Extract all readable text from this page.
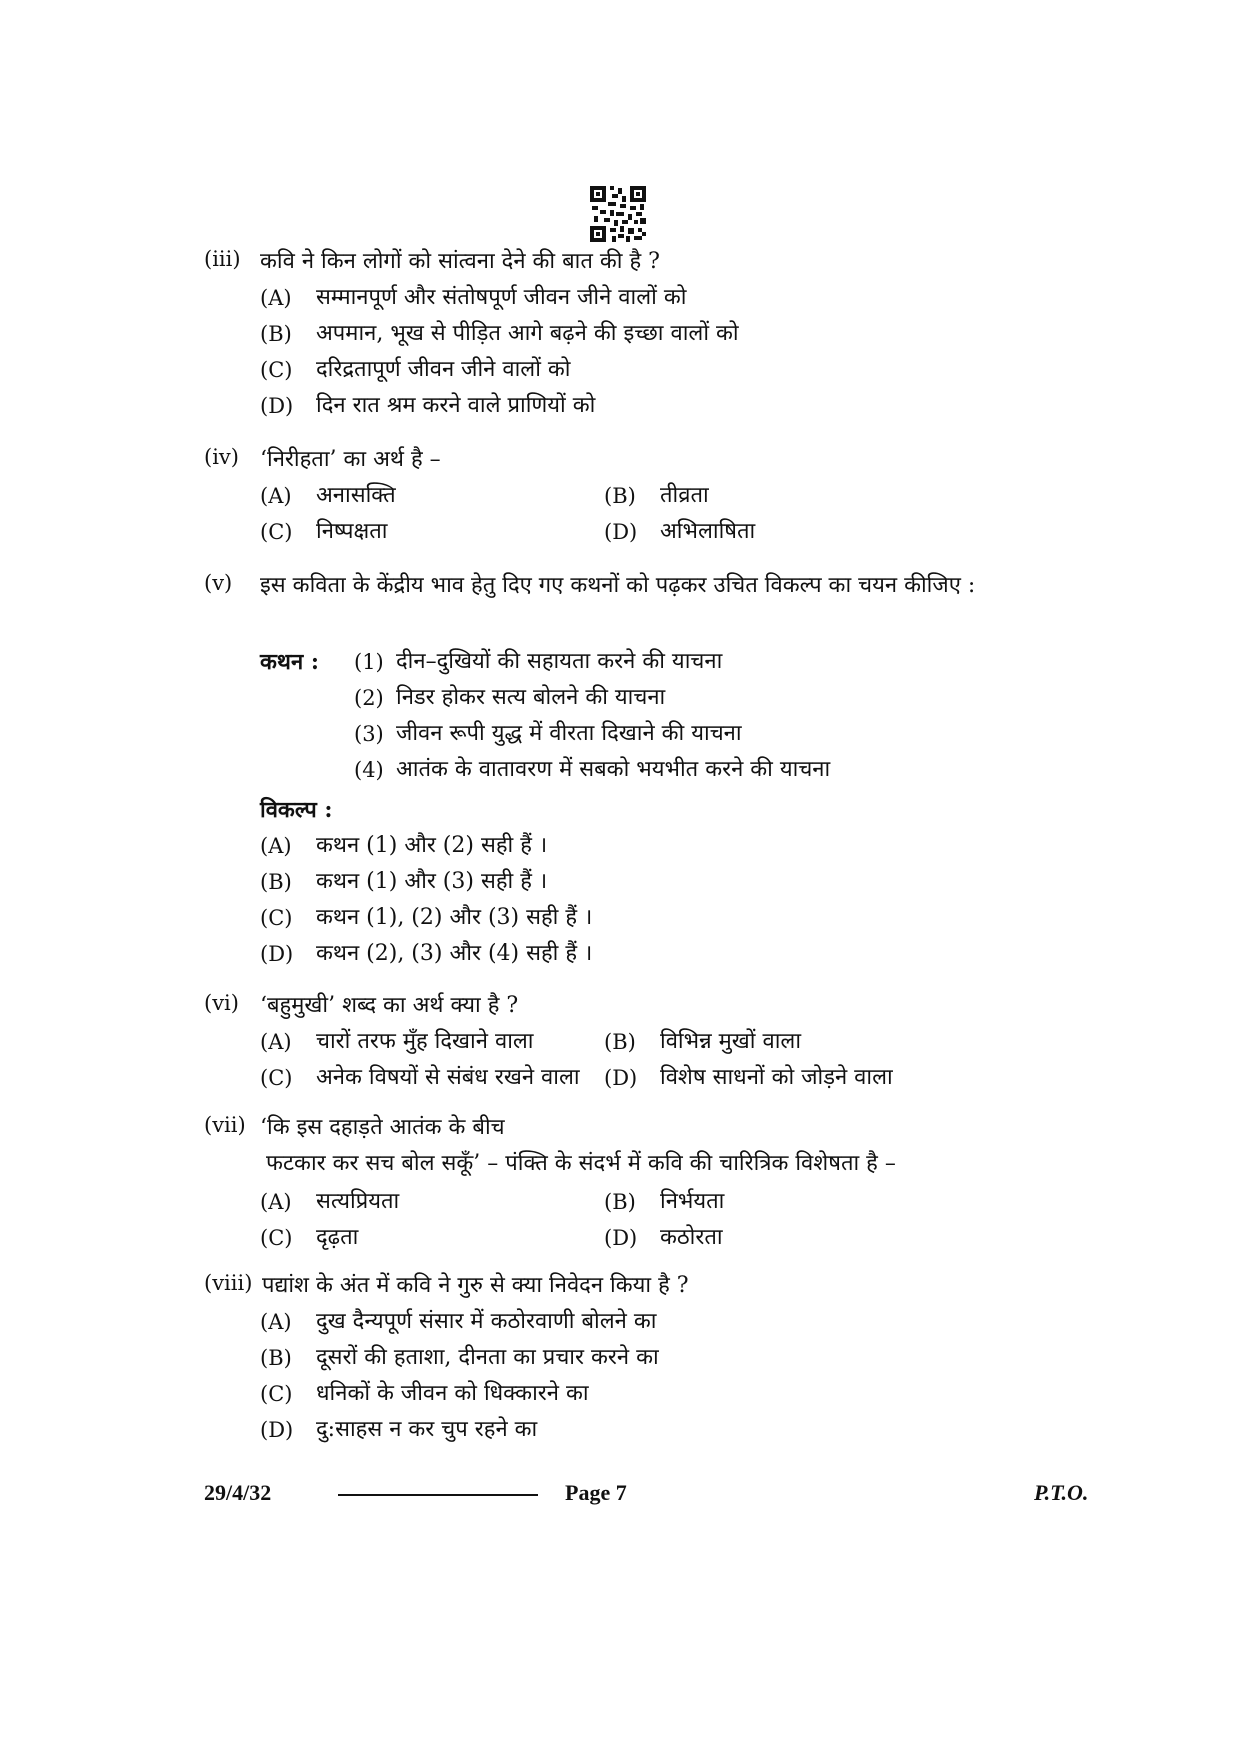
(iii) कवि ने किन लोगों को सांत्वना देने की बात की है ?
(A) सम्मानपूर्ण और संतोषपूर्ण जीवन जीने वालों को
(B) अपमान, भूख से पीड़ित आगे बढ़ने की इच्छा वालों को
(C) दरिद्रतापूर्ण जीवन जीने वालों को
(D) दिन रात श्रम करने वाले प्राणियों को
(iv) ‘निरीहता’ का अर्थ है –
(A) अनासक्ति	(B) तीव्रता
(C) निष्पक्षता	(D) अभिलाषिता
(v) इस कविता के केंद्रीय भाव हेतु दिए गए कथनों को पढ़कर उचित विकल्प का चयन कीजिए :
कथन : (1) दीन–दुखियों की सहायता करने की याचना
(2) निडर होकर सत्य बोलने की याचना
(3) जीवन रूपी युद्ध में वीरता दिखाने की याचना
(4) आतंक के वातावरण में सबको भयभीत करने की याचना
विकल्प :
(A) कथन (1) और (2) सही हैं ।
(B) कथन (1) और (3) सही हैं ।
(C) कथन (1), (2) और (3) सही हैं ।
(D) कथन (2), (3) और (4) सही हैं ।
(vi) ‘बहुमुखी’ शब्द का अर्थ क्या है ?
(A) चारों तरफ मुँह दिखाने वाला	(B) विभिन्न मुखों वाला
(C) अनेक विषयों से संबंध रखने वाला (D) विशेष साधनों को जोड़ने वाला
(vii) ‘कि इस दहाड़ते आतंक के बीच
फटकार कर सच बोल सकूँ’ – पंक्ति के संदर्भ में कवि की चारित्रिक विशेषता है –
(A) सत्यप्रियता	(B) निर्भयता
(C) दृढ़ता	(D) कठोरता
(viii) पद्यांश के अंत में कवि ने गुरु से क्या निवेदन किया है ?
(A) दुख दैन्यपूर्ण संसार में कठोरवाणी बोलने का
(B) दूसरों की हताशा, दीनता का प्रचार करने का
(C) धनिकों के जीवन को धिक्कारने का
(D) दु:साहस न कर चुप रहने का
29/4/32	Page 7	P.T.O.
